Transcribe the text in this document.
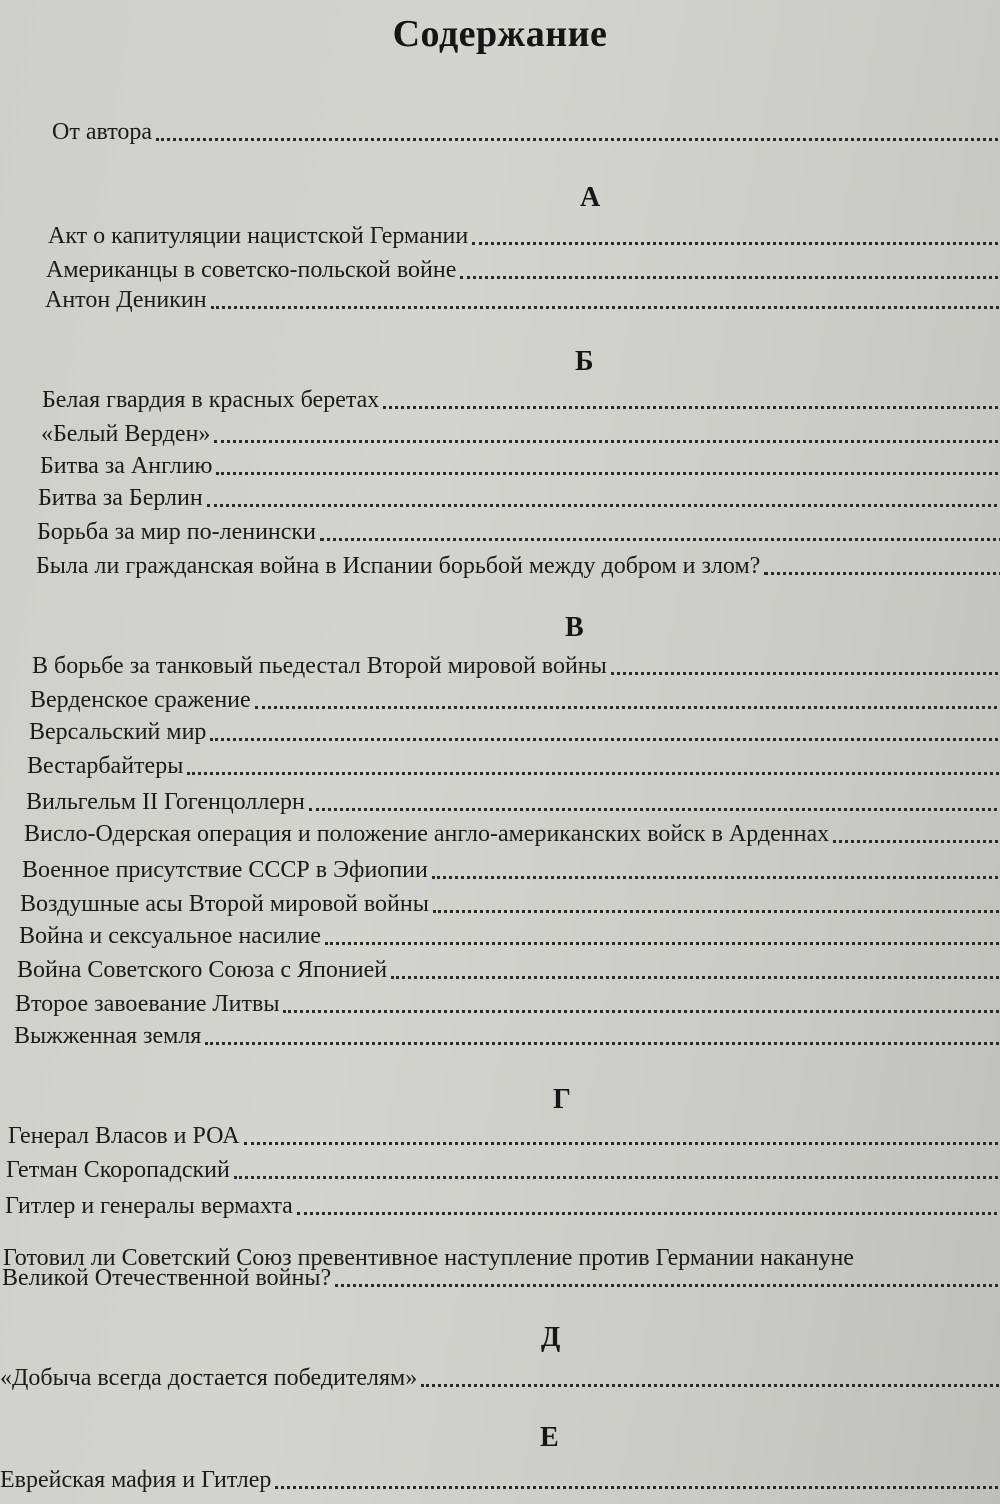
Содержание
От автора
А
Акт о капитуляции нацистской Германии
Американцы в советско-польской войне
Антон Деникин
Б
Белая гвардия в красных беретах
«Белый Верден»
Битва за Англию
Битва за Берлин
Борьба за мир по-ленински
Была ли гражданская война в Испании борьбой между добром и злом?
В
В борьбе за танковый пьедестал Второй мировой войны
Верденское сражение
Версальский мир
Вестарбайтеры
Вильгельм II Гогенцоллерн
Висло-Одерская операция и положение англо-американских войск в Арденнах
Военное присутствие СССР в Эфиопии
Воздушные асы Второй мировой войны
Война и сексуальное насилие
Война Советского Союза с Японией
Второе завоевание Литвы
Выжженная земля
Г
Генерал Власов и РОА
Гетман Скоропадский
Гитлер и генералы вермахта
Готовил ли Советский Союз превентивное наступление против Германии накануне
Великой Отечественной войны?
Д
«Добыча всегда достается победителям»
Е
Еврейская мафия и Гитлер
